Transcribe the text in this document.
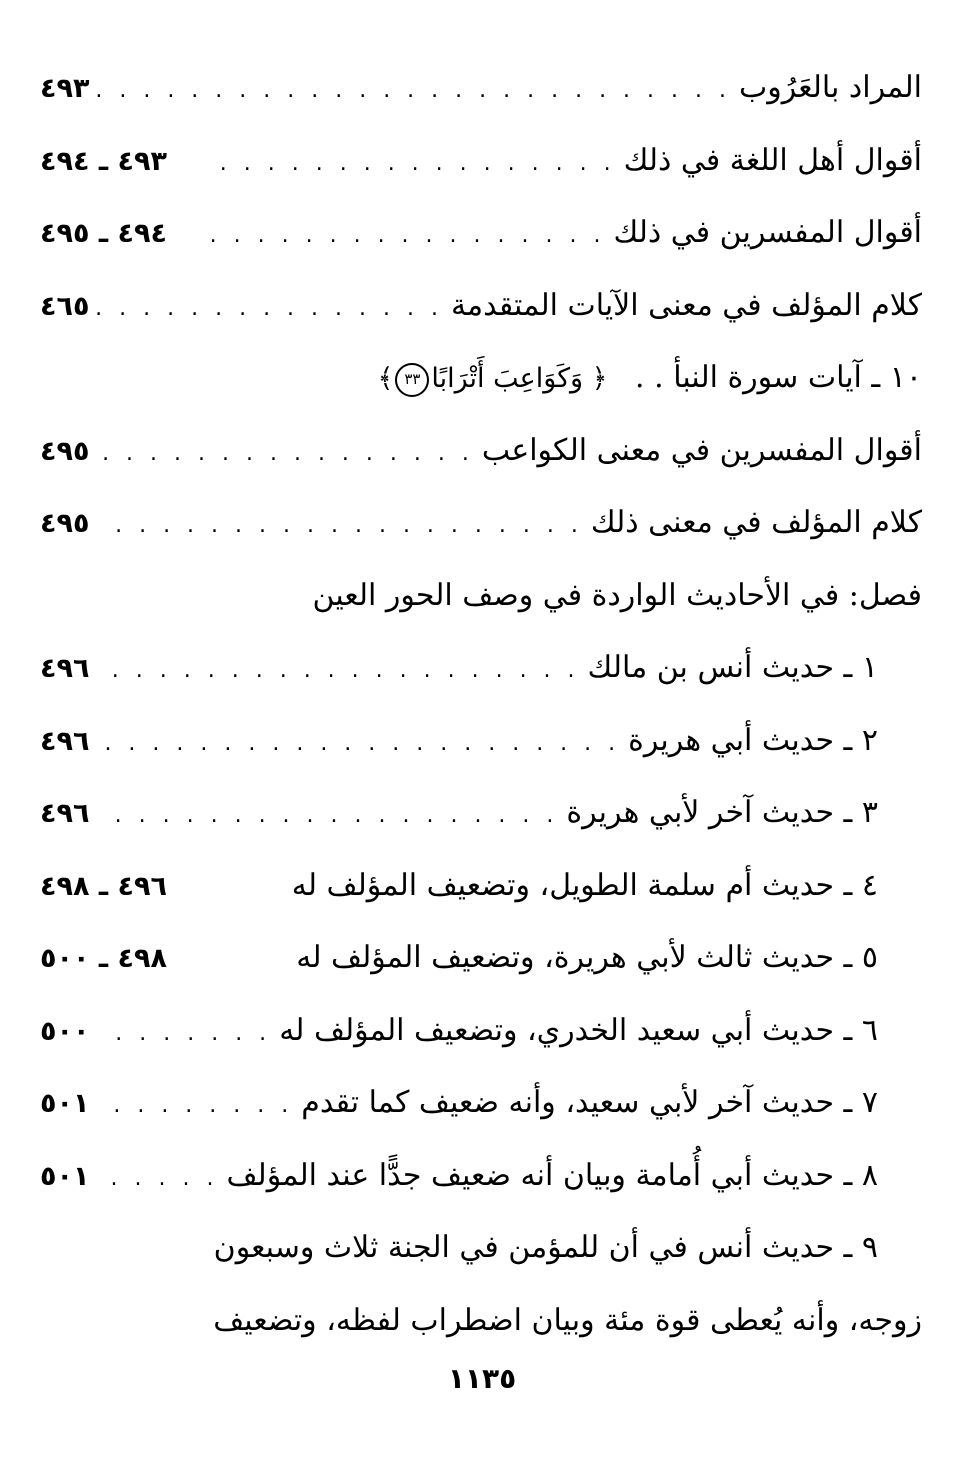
المراد بالعَرُوب
. . .
٤٩٣
أقوال أهل اللغة في ذلك
. . .
٤٩٣ ـ ٤٩٤
أقوال المفسرين في ذلك
. . .
٤٩٤ ـ ٤٩٥
كلام المؤلف في معنى الآيات المتقدمة
. . .
٤٦٥
١٠ ـ آيات سورة النبأ . . ﴿ وَكَوَاعِبَ أَتْرَابًا٣٣﴾
أقوال المفسرين في معنى الكواعب
. . .
٤٩٥
كلام المؤلف في معنى ذلك
. . .
٤٩٥
فصل: في الأحاديث الواردة في وصف الحور العين
١ ـ حديث أنس بن مالك
. . .
٤٩٦
٢ ـ حديث أبي هريرة
. . .
٤٩٦
٣ ـ حديث آخر لأبي هريرة
. . .
٤٩٦
٤ ـ حديث أم سلمة الطويل، وتضعيف المؤلف له
٤٩٦ ـ ٤٩٨
٥ ـ حديث ثالث لأبي هريرة، وتضعيف المؤلف له
٤٩٨ ـ ٥٠٠
٦ ـ حديث أبي سعيد الخدري، وتضعيف المؤلف له
. . .
٥٠٠
٧ ـ حديث آخر لأبي سعيد، وأنه ضعيف كما تقدم
. . .
٥٠١
٨ ـ حديث أبي أُمامة وبيان أنه ضعيف جدًّا عند المؤلف
. . .
٥٠١
٩ ـ حديث أنس في أن للمؤمن في الجنة ثلاث وسبعون
زوجه، وأنه يُعطى قوة مئة وبيان اضطراب لفظه، وتضعيف
١١٣٥
